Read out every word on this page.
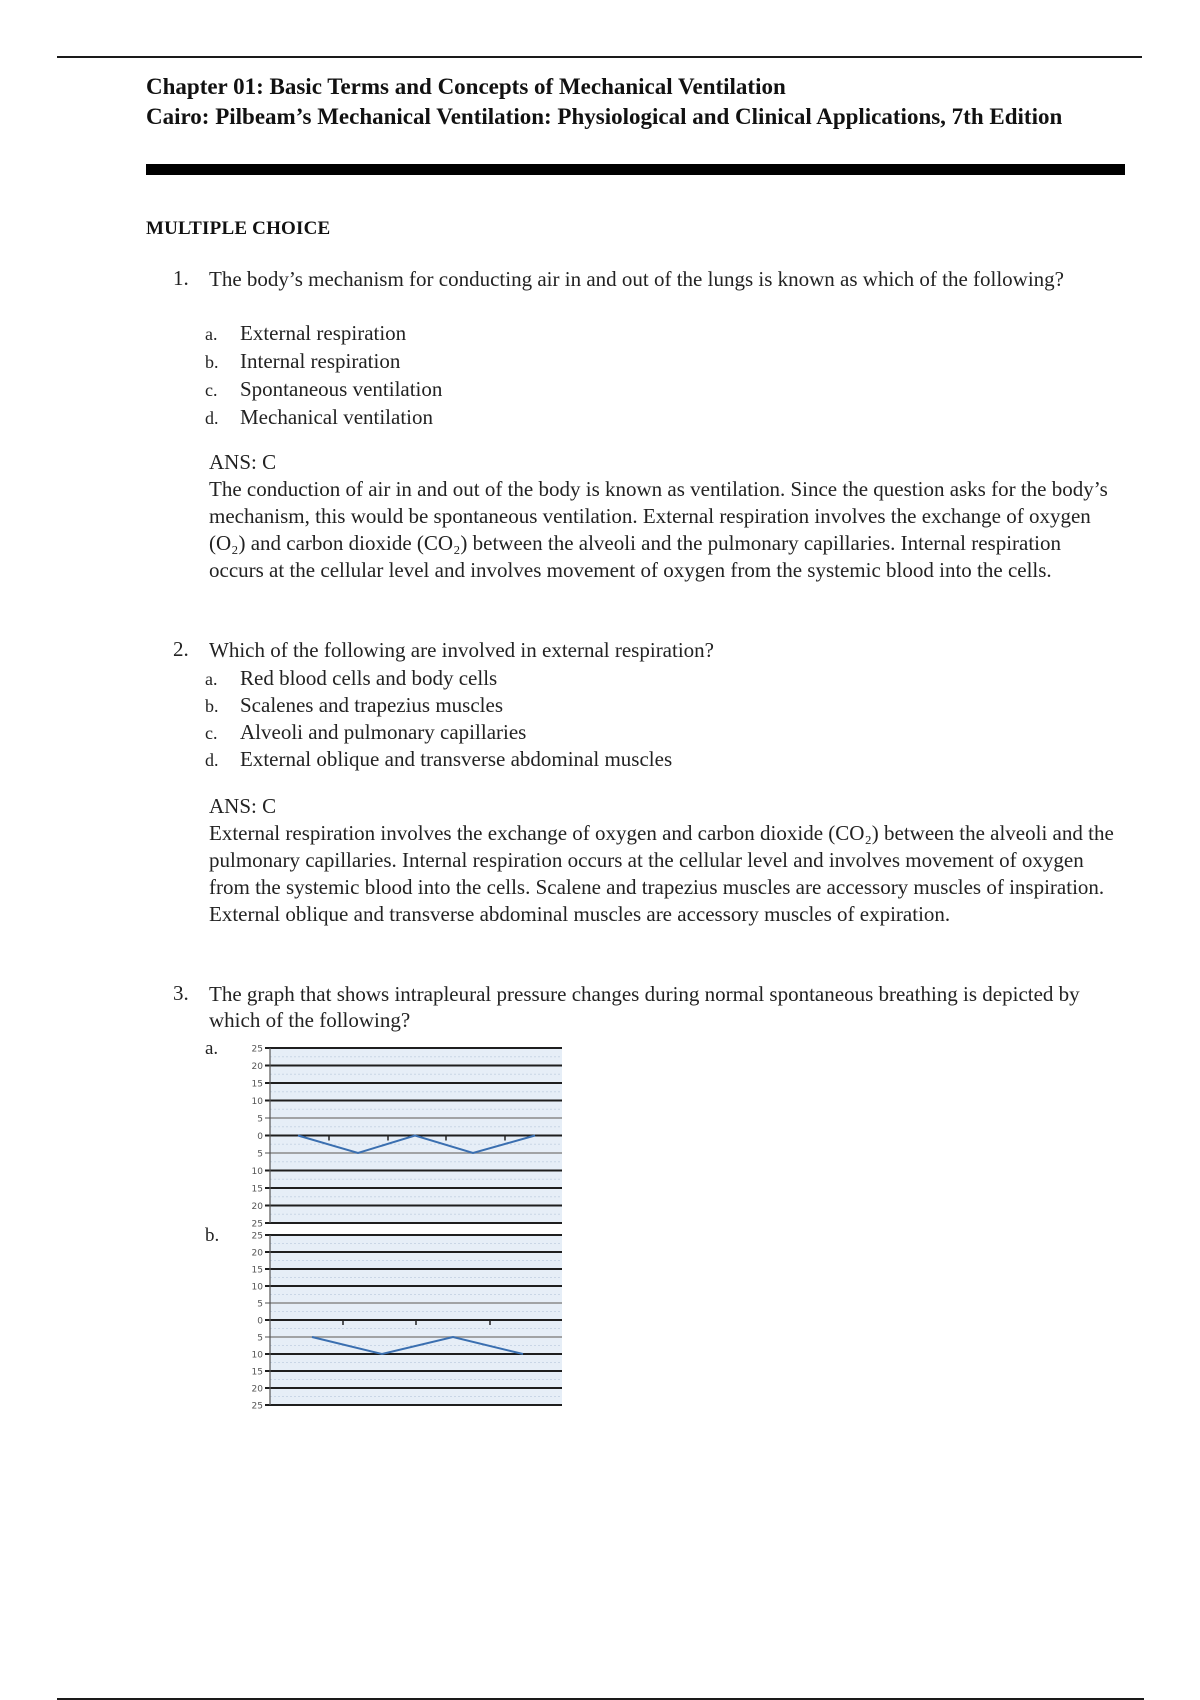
Chapter 01: Basic Terms and Concepts of Mechanical Ventilation
Cairo: Pilbeam’s Mechanical Ventilation: Physiological and Clinical Applications, 7th Edition
MULTIPLE CHOICE
1. The body’s mechanism for conducting air in and out of the lungs is known as which of the following?
a. External respiration
b. Internal respiration
c. Spontaneous ventilation
d. Mechanical ventilation
ANS: C
The conduction of air in and out of the body is known as ventilation. Since the question asks for the body’s mechanism, this would be spontaneous ventilation. External respiration involves the exchange of oxygen (O₂) and carbon dioxide (CO₂) between the alveoli and the pulmonary capillaries. Internal respiration occurs at the cellular level and involves movement of oxygen from the systemic blood into the cells.
2. Which of the following are involved in external respiration?
a. Red blood cells and body cells
b. Scalenes and trapezius muscles
c. Alveoli and pulmonary capillaries
d. External oblique and transverse abdominal muscles
ANS: C
External respiration involves the exchange of oxygen and carbon dioxide (CO₂) between the alveoli and the pulmonary capillaries. Internal respiration occurs at the cellular level and involves movement of oxygen from the systemic blood into the cells. Scalene and trapezius muscles are accessory muscles of inspiration. External oblique and transverse abdominal muscles are accessory muscles of expiration.
3. The graph that shows intrapleural pressure changes during normal spontaneous breathing is depicted by which of the following?
a.	25
20
15
10
5
0
5
10
15
20
25
b.	25
20
15
10
5
0
5
10
15
20
25
